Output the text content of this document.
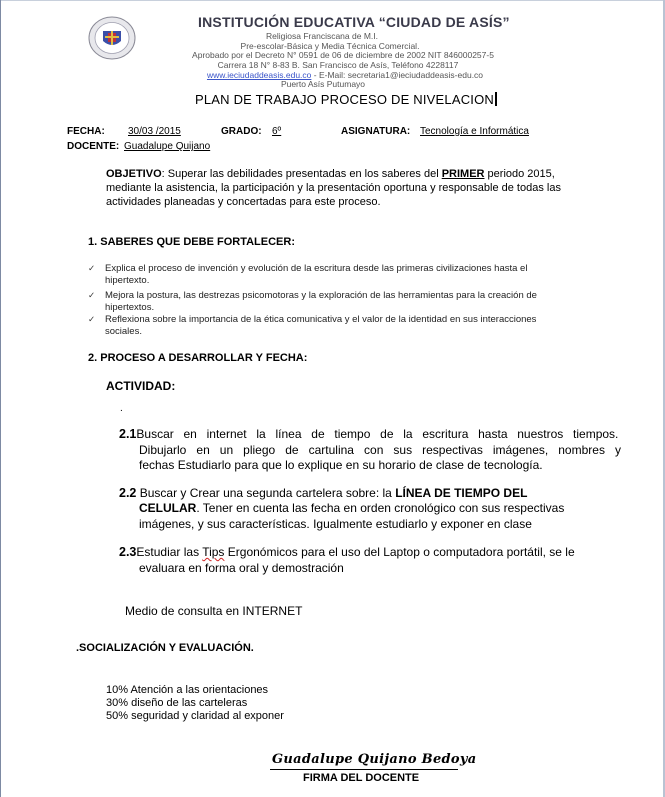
INSTITUCIÓN EDUCATIVA “CIUDAD DE ASÍS”
Religiosa Franciscana de M.I.
Pre-escolar-Básica y Media Técnica Comercial.
Aprobado por el Decreto N° 0591 de 06 de diciembre de 2002 NIT 846000257-5
Carrera 18 N° 8-83 B. San Francisco de Asís, Teléfono 4228117
www.ieciudaddeasis.edu.co - E-Mail: secretaria1@ieciudaddeasis-edu.co
Puerto Asís Putumayo
PLAN DE TRABAJO PROCESO DE NIVELACION
FECHA: 30/03 /2015	GRADO: 6º	ASIGNATURA: Tecnología e Informática
DOCENTE: Guadalupe Quijano
OBJETIVO: Superar las debilidades presentadas en los saberes del PRIMER periodo 2015,
mediante la asistencia, la participación y la presentación oportuna y responsable de todas las
actividades planeadas y concertadas para este proceso.
1. SABERES QUE DEBE FORTALECER:
✓ Explica el proceso de invención y evolución de la escritura desde las primeras civilizaciones hasta el
hipertexto.
✓ Mejora la postura, las destrezas psicomotoras y la exploración de las herramientas para la creación de
hipertextos.
✓ Reflexiona sobre la importancia de la ética comunicativa y el valor de la identidad en sus interacciones
sociales.
2. PROCESO A DESARROLLAR Y FECHA:
ACTIVIDAD:
.
2.1Buscar en internet la línea de tiempo de la escritura hasta nuestros tiempos.
Dibujarlo en un pliego de cartulina con sus respectivas imágenes, nombres y
fechas Estudiarlo para que lo explique en su horario de clase de tecnología.
2.2 Buscar y Crear una segunda cartelera sobre: la LÍNEA DE TIEMPO DEL
CELULAR. Tener en cuenta las fecha en orden cronológico con sus respectivas
imágenes, y sus características. Igualmente estudiarlo y exponer en clase
2.3Estudiar las Tips Ergonómicos para el uso del Laptop o computadora portátil, se le
evaluara en forma oral y demostración
Medio de consulta en INTERNET
.SOCIALIZACIÓN Y EVALUACIÓN.
10% Atención a las orientaciones
30% diseño de las carteleras
50% seguridad y claridad al exponer
Guadalupe Quijano Bedoya
FIRMA DEL DOCENTE
